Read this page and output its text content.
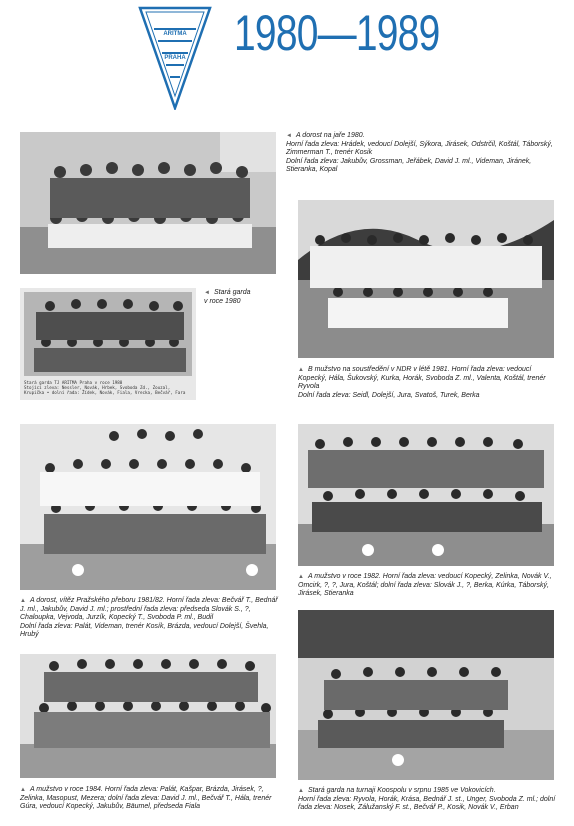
ARITMA
PRAHA 1980—1989
◄ A dorost na jaře 1980.
Horní řada zleva: Hrádek, vedoucí Dolejší, Sýkora, Jirásek, Odstrčil, Koštál, Táborský, Zimmerman T., trenér Kosik
Dolní řada zleva: Jakubův, Grossman, Jeřábek, David J. ml., Videman, Jiránek, Stieranka, Kopal
Stará garda TJ ARITMA Praha v roce 1980
Stojící zleva: Nessler, Novák, Hrbek, Svoboda Zd., Zouzal,
Krupička • dolní řada: Žídek, Novák, Fiala, Vrecka, Bečvář, Fara
◄ Stará garda
v roce 1980
▲ B mužstvo na soustředění v NDR v létě 1981. Horní řada zleva: vedoucí Kopecký, Hála, Šukovský, Kurka, Horák, Svoboda Z. ml., Valenta, Koštál, trenér Ryvola
Dolní řada zleva: Seidl, Dolejší, Jura, Svatoš, Turek, Berka
▲ A dorost, vítěz Pražského přeboru 1981/82. Horní řada zleva: Bečvář T., Bednář J. ml., Jakubův, David J. ml.; prostřední řada zleva: předseda Slovák S., ?, Chaloupka, Vejvoda, Jurzík, Kopecký T., Svoboda P. ml., Budil
Dolní řada zleva: Palát, Videman, trenér Kosík, Brázda, vedoucí Dolejší, Švehla, Hrubý
▲ A mužstvo v roce 1982. Horní řada zleva: vedoucí Kopecký, Zelinka, Novák V., Omcirk, ?, ?, Jura, Koštál; dolní řada zleva: Slovák J., ?, Berka, Kúrka, Táborský, Jirásek, Stieranka
▲ A mužstvo v roce 1984. Horní řada zleva: Palát, Kašpar, Brázda, Jirásek, ?, Zelinka, Masopust, Mezera; dolní řada zleva: David J. ml., Bečvář T., Hála, trenér Gúra, vedoucí Kopecký, Jakubův, Bäumel, předseda Fiala
▲ Stará garda na turnaji Koospolu v srpnu 1985 ve Vokovicích.
Horní řada zleva: Ryvola, Horák, Krása, Bednář J. st., Unger, Svoboda Z. ml.; dolní řada zleva: Nosek, Zálužanský F. st., Bečvář P., Kosik, Novák V., Erban
